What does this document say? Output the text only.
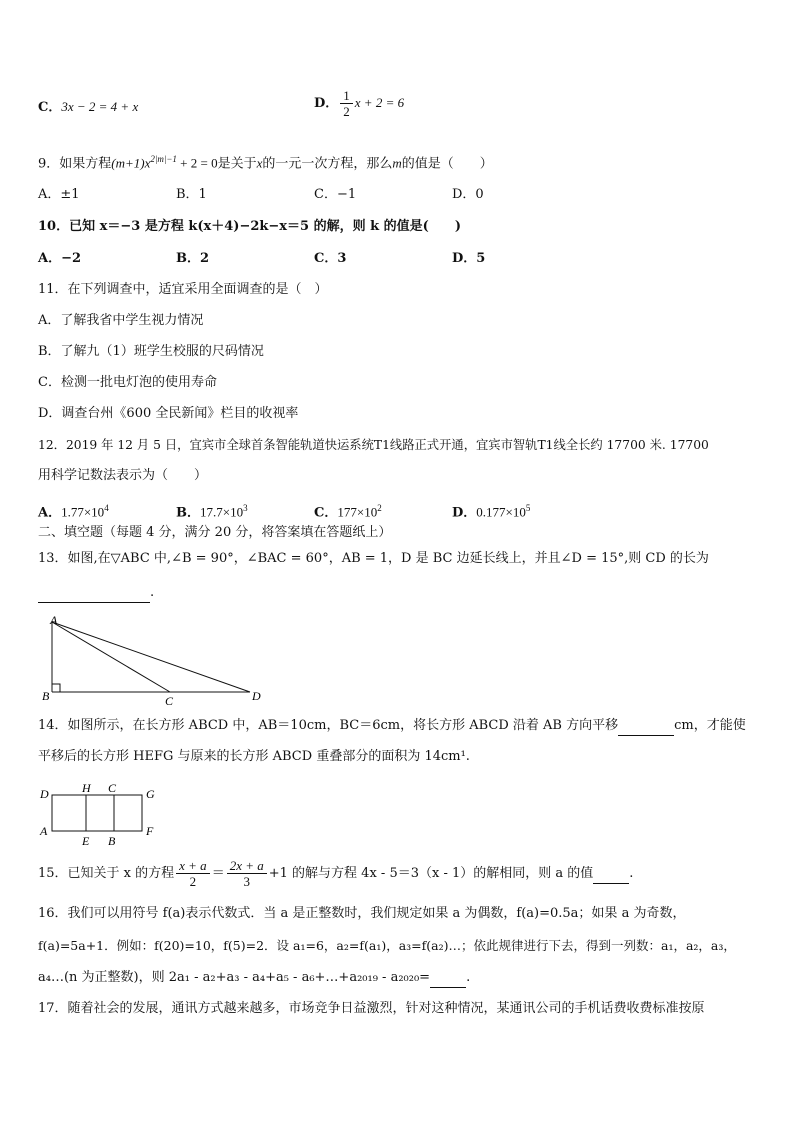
C．3x − 2 = 4 + x	D． $\frac{1}{2}$ x + 2 = 6
9．如果方程$(m+1)x^{2|m|-1} + 2 = 0$是关于x的一元一次方程，那么m的值是（　　）
A．±1	B．1	C．−1	D．0
10．已知 x＝−3 是方程 k(x＋4)−2k−x＝5 的解，则 k 的值是(　　)
A．−2	B．2	C．3	D．5
11．在下列调查中，适宜采用全面调查的是（　）
A．了解我省中学生视力情况
B．了解九（1）班学生校服的尺码情况
C．检测一批电灯泡的使用寿命
D．调查台州《600 全民新闻》栏目的收视率
12．2019 年 12 月 5 日，宜宾市全球首条智能轨道快运系统T1线路正式开通，宜宾市智轨T1线全长约 17700 米. 17700
用科学记数法表示为（　　）
A．$1.77\times 10^4$	B．$17.7\times 10^3$	C．$177\times 10^2$	D．$0.177\times 10^5$
二、填空题（每题 4 分，满分 20 分，将答案填在答题纸上）
13．如图,在▽ABC 中,∠B = 90°，∠BAC = 60°，AB = 1，D 是 BC 边延长线上，并且∠D = 15°,则 CD 的长为
.
A
B	C	D
14．如图所示，在长方形 ABCD 中，AB＝10cm，BC＝6cm，将长方形 ABCD 沿着 AB 方向平移	cm，才能使
平移后的长方形 HEFG 与原来的长方形 ABCD 重叠部分的面积为 14cm¹.
D	H C G
A
E B
F
15．已知关于 x 的方程 $\frac{x + a}{2} = \frac{2x + a}{3} +1$ 的解与方程 4x - 5＝3（x - 1）的解相同，则 a 的值	.
16．我们可以用符号 f(a)表示代数式．当 a 是正整数时，我们规定如果 a 为偶数，f(a)=0.5a；如果 a 为奇数，
f(a)=5a+1．例如：f(20)=10，f(5)=2．设 a₁=6，a₂=f(a₁)，a₃=f(a₂)…；依此规律进行下去，得到一列数：a₁，a₂，a₃，
a₄…(n 为正整数)，则 2a₁ - a₂+a₃ - a₄+a₅ - a₆+…+a₂₀₁₉ - a₂₀₂₀=	.
17．随着社会的发展，通讯方式越来越多，市场竞争日益激烈，针对这种情况，某通讯公司的手机话费收费标准按原
